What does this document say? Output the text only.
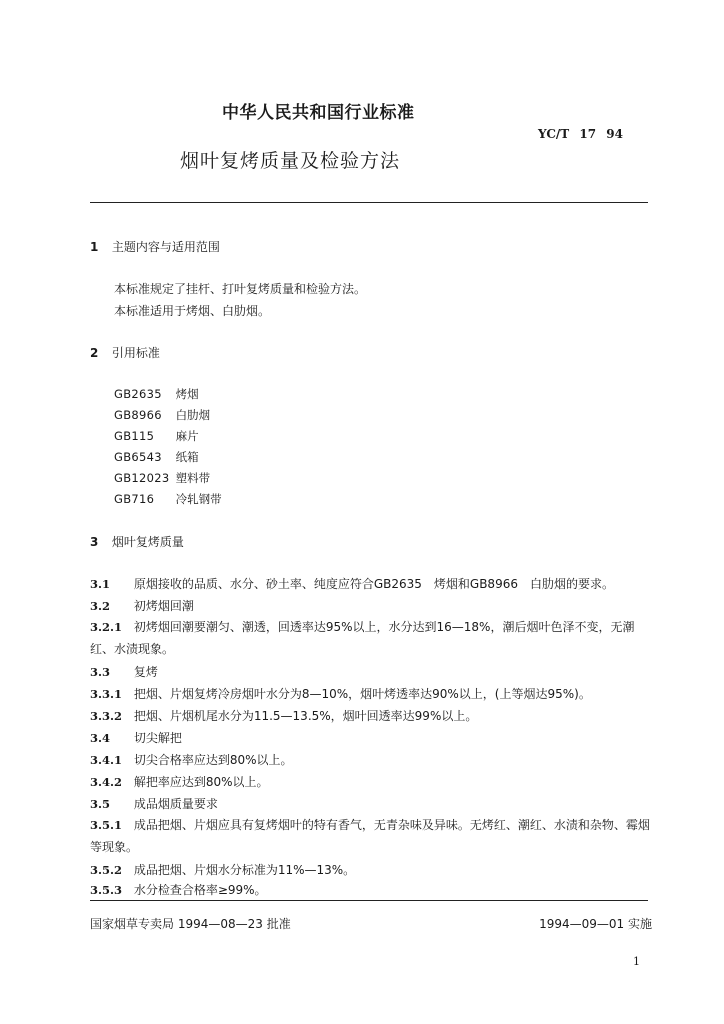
中华人民共和国行业标准
YC/T 17 94
烟叶复烤质量及检验方法
1 主题内容与适用范围
本标准规定了挂杆、打叶复烤质量和检验方法。
本标准适用于烤烟、白肋烟。
2 引用标准
GB2635 烤烟
GB8966 白肋烟
GB115 麻片
GB6543 纸箱
GB12023 塑料带
GB716 冷轧钢带
3 烟叶复烤质量
3.1 原烟接收的品质、水分、砂土率、纯度应符合GB2635　烤烟和GB8966　白肋烟的要求。
3.2 初烤烟回潮
3.2.1 初烤烟回潮要潮匀、潮透，回透率达95%以上，水分达到16—18%，潮后烟叶色泽不变，无潮红、水渍现象。
3.3 复烤
3.3.1 把烟、片烟复烤冷房烟叶水分为8—10%，烟叶烤透率达90%以上，(上等烟达95%)。
3.3.2 把烟、片烟机尾水分为11.5—13.5%，烟叶回透率达99%以上。
3.4 切尖解把
3.4.1 切尖合格率应达到80%以上。
3.4.2 解把率应达到80%以上。
3.5 成品烟质量要求
3.5.1 成品把烟、片烟应具有复烤烟叶的特有香气，无青杂味及异味。无烤红、潮红、水渍和杂物、霉烟等现象。
3.5.2 成品把烟、片烟水分标准为11%—13%。
3.5.3 水分检查合格率≥99%。
国家烟草专卖局 1994—08—23 批准	1994—09—01 实施
1
